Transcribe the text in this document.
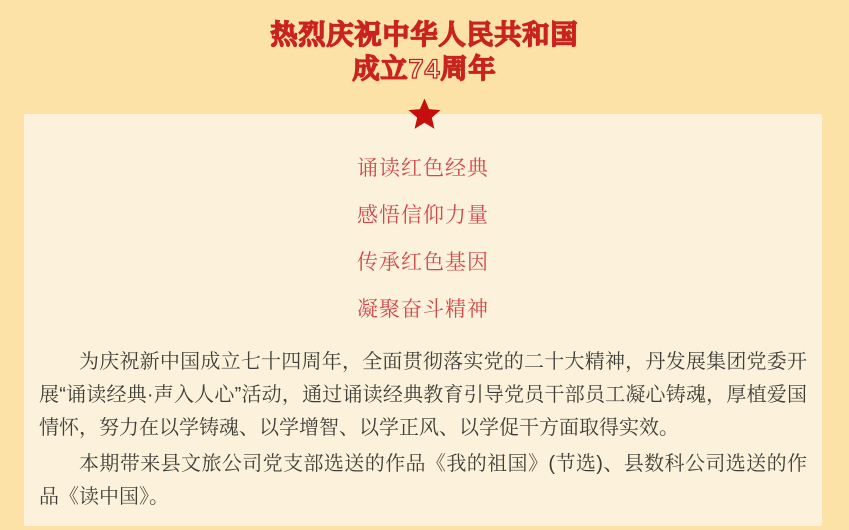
热烈庆祝中华人民共和国
成立74周年
诵读红色经典
感悟信仰力量
传承红色基因
凝聚奋斗精神

为庆祝新中国成立七十四周年，全面贯彻落实党的二十大精神，丹发展集团党委开展“诵读经典·声入人心”活动，通过诵读经典教育引导党员干部员工凝心铸魂，厚植爱国情怀，努力在以学铸魂、以学增智、以学正风、以学促干方面取得实效。

本期带来县文旅公司党支部选送的作品《我的祖国》(节选)、县数科公司选送的作品《读中国》。
